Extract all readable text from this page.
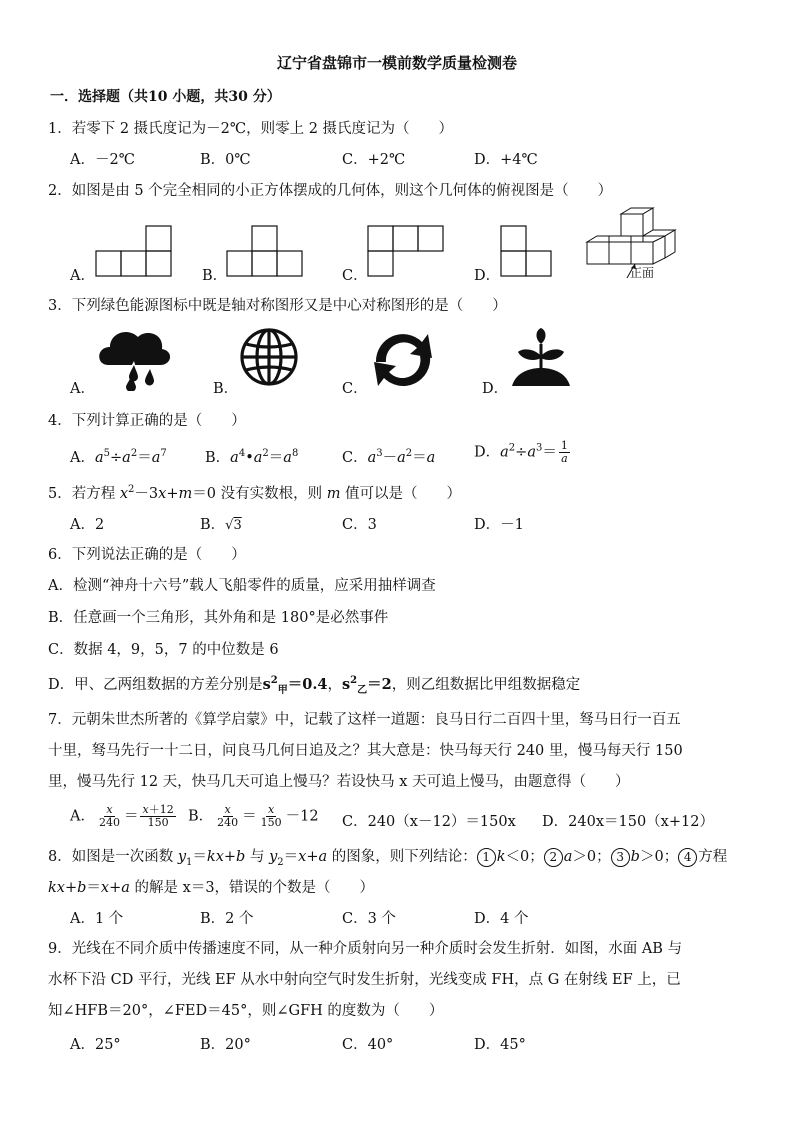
辽宁省盘锦市一模前数学质量检测卷
一．选择题（共10 小题，共30 分）
1．若零下 2 摄氏度记为－2℃，则零上 2 摄氏度记为（　　）
A．－2℃	B．0℃	C．+2℃	D．+4℃
2．如图是由 5 个完全相同的小正方体摆成的几何体，则这个几何体的俯视图是（　　）
A．	B．	C．	D．	正面
3．下列绿色能源图标中既是轴对称图形又是中心对称图形的是（　　）
A．	B．	C．	D．
4．下列计算正确的是（　　）
A．$a^5\div a^2=a^7$	B．$a^4•a^2=a^8$	C．$a^3-a^2=a$	D．$a^2\div a^3= \frac{1}{a}$
5．若方程 $x^2-3x+m=0$ 没有实数根，则 m 值可以是（　　）
A．2	B．√3	C．3	D．－1
6．下列说法正确的是（　　）
A．检测“神舟十六号”载人飞船零件的质量，应采用抽样调查
B．任意画一个三角形，其外角和是 180°是必然事件
C．数据 4，9，5，7 的中位数是 6
D．甲、乙两组数据的方差分别是$s^2_甲=0.4$，$s^2_乙=2$，则乙组数据比甲组数据稳定

7．元朝朱世杰所著的《算学启蒙》中，记载了这样一道题：良马日行二百四十里，驽马日行一百五

十里，驽马先行一十二日，问良马几何日追及之？其大意是：快马每天行 240 里，慢马每天行 150

里，慢马先行 12 天，快马几天可追上慢马？若设快马 x 天可追上慢马，由题意得（　　）

A． $\frac{x}{240} = \frac{x+12}{150}$ B． $\frac{x}{240} = \frac{x}{150} -12$ C．240（x－12）＝150x D．240x＝150（x+12）
8．如图是一次函数 $y_1=kx+b$ 与 $y_2=x+a$ 的图象，则下列结论： 1 k＜0； 2 a＞0； 3 b＞0； 4 方程
kx+b＝x+a 的解是 x＝3，错误的个数是（　　）
A．1 个	B．2 个	C．3 个	D．4 个

9．光线在不同介质中传播速度不同，从一种介质射向另一种介质时会发生折射．如图，水面 AB 与

水杯下沿 CD 平行，光线 EF 从水中射向空气时发生折射，光线变成 FH，点 G 在射线 EF 上，已

知∠HFB＝20°，∠FED＝45°，则∠GFH 的度数为（　　）

A．25°	B．20°	C．40°	D．45°
